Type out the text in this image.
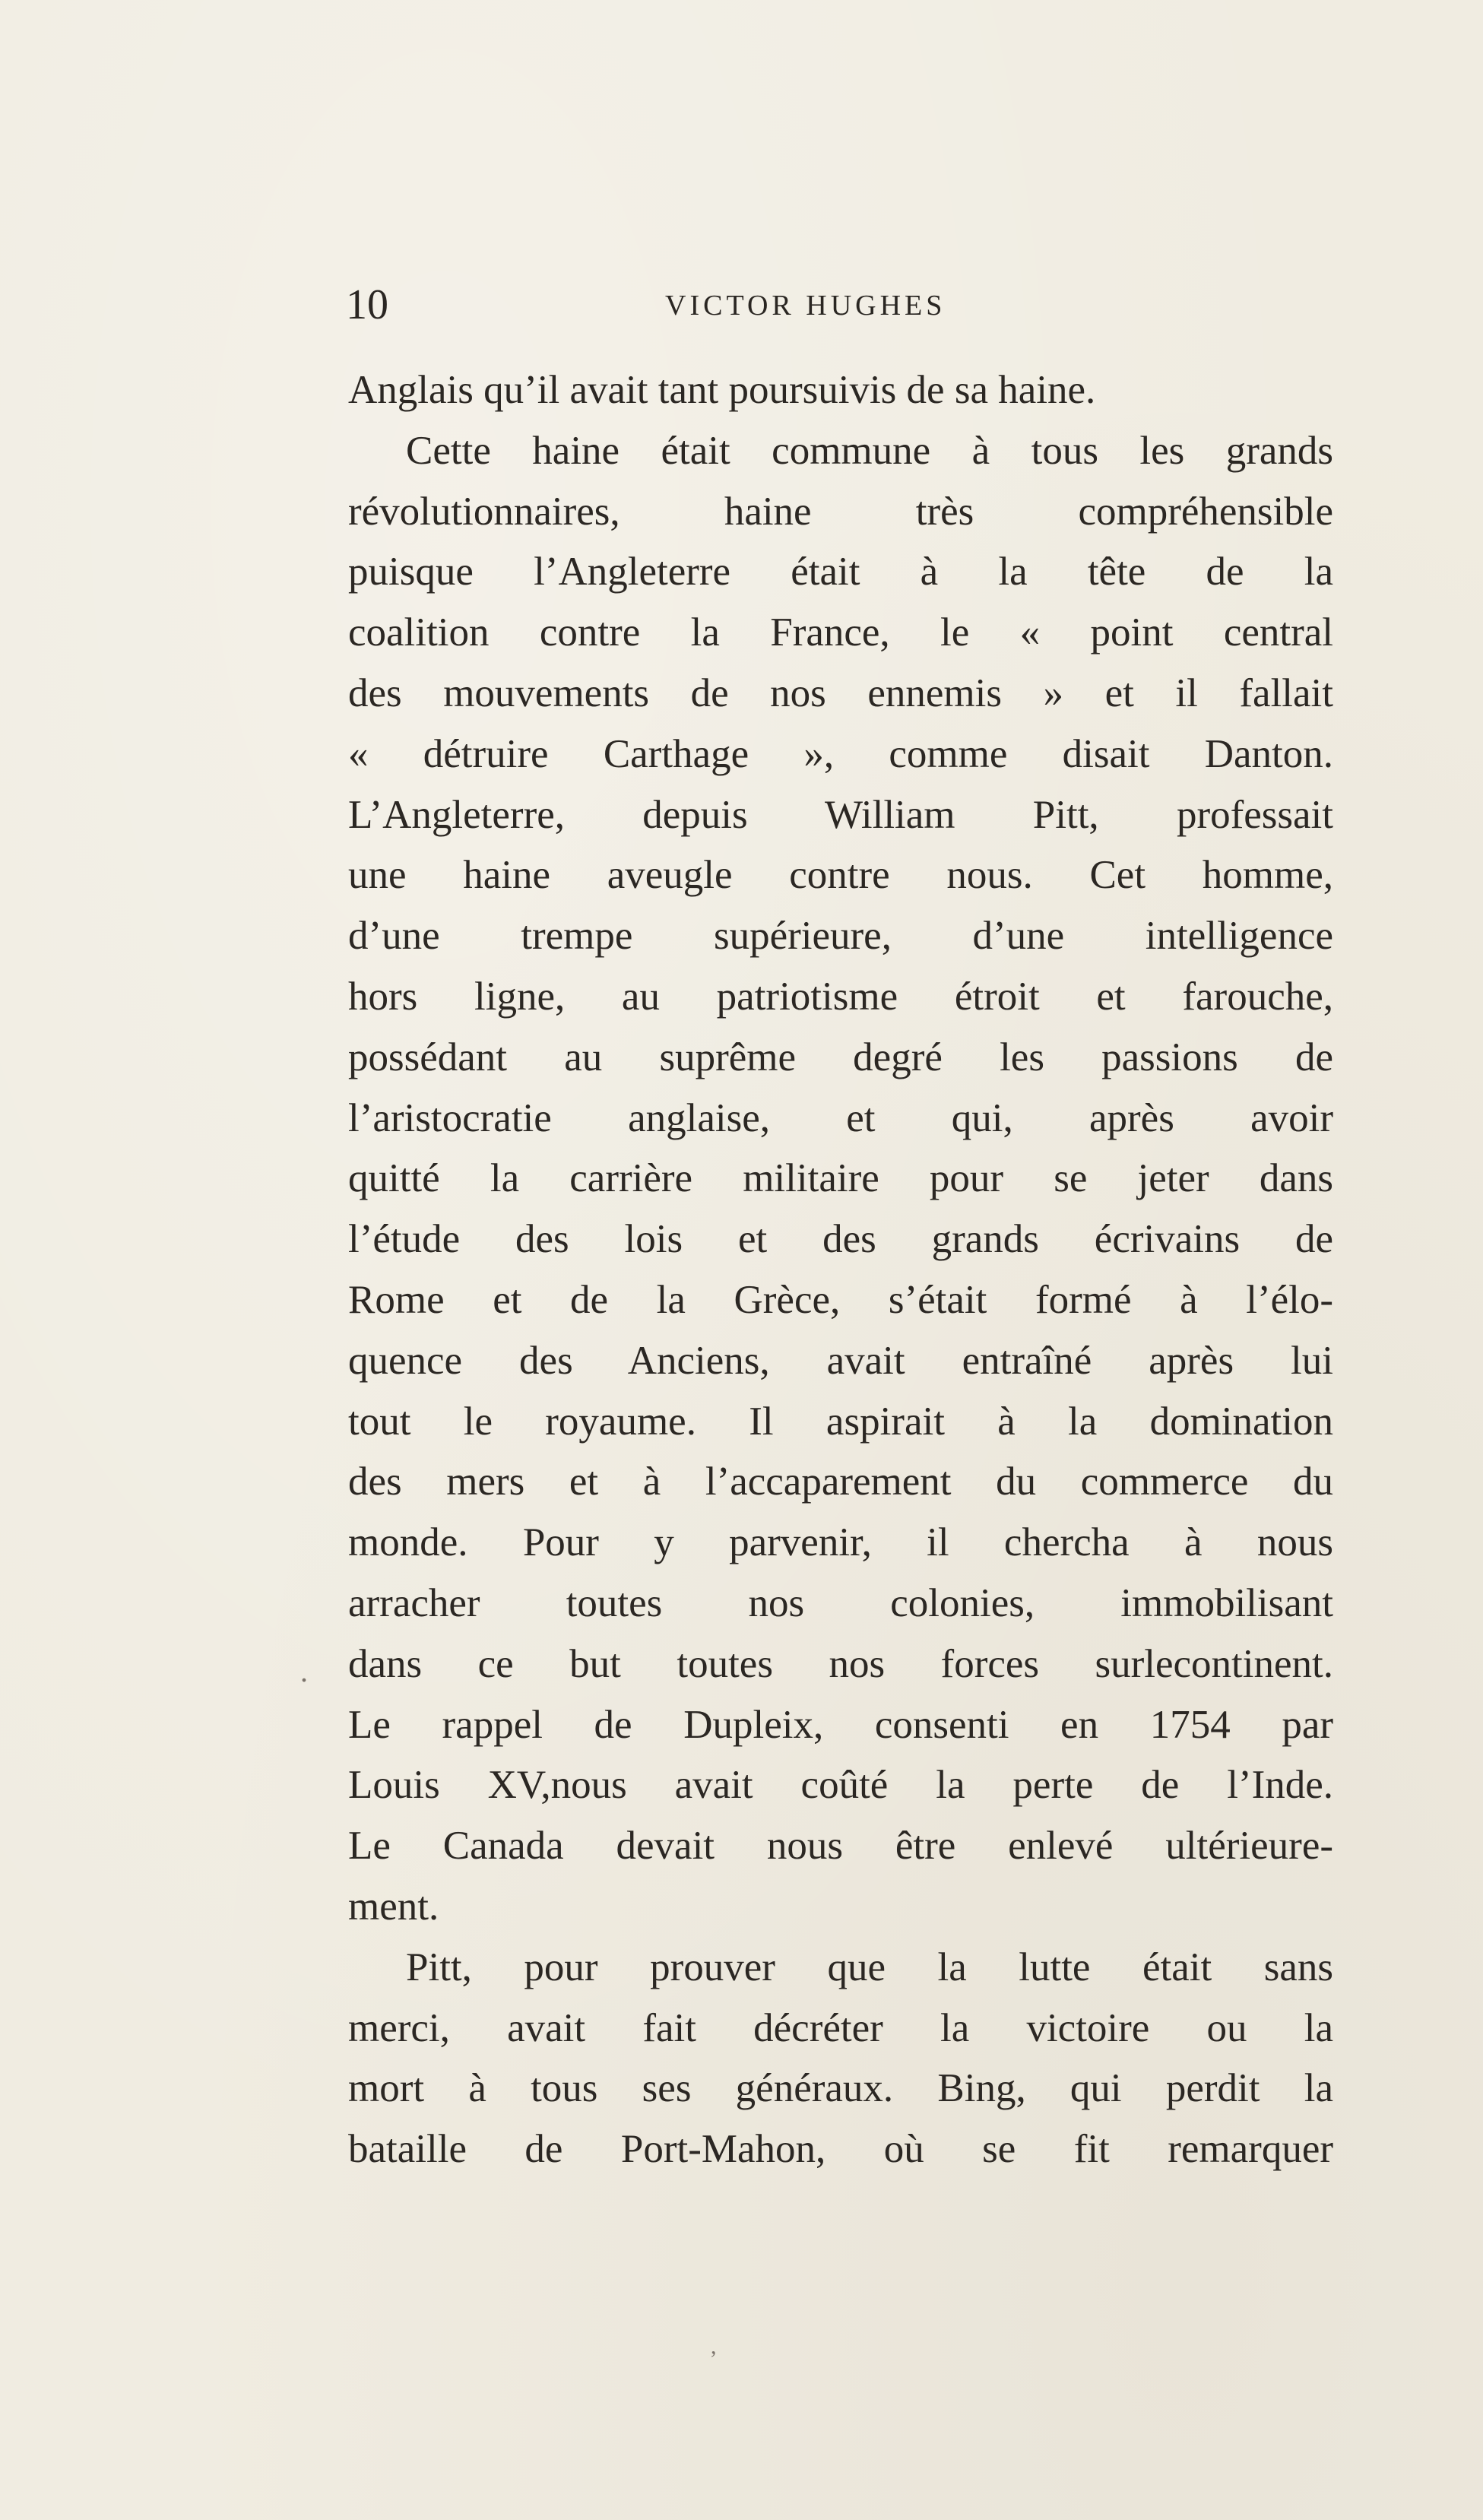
10	VICTOR HUGHES
Anglais qu’il avait tant poursuivis de sa haine.
Cette haine était commune à tous les grands
révolutionnaires, haine très compréhensible
puisque l’Angleterre était à la tête de la
coalition contre la France, le « point central
des mouvements de nos ennemis » et il fallait
« détruire Carthage », comme disait Danton.
L’Angleterre, depuis William Pitt, professait
une haine aveugle contre nous. Cet homme,
d’une trempe supérieure, d’une intelligence
hors ligne, au patriotisme étroit et farouche,
possédant au suprême degré les passions de
l’aristocratie anglaise, et qui, après avoir
quitté la carrière militaire pour se jeter dans
l’étude des lois et des grands écrivains de
Rome et de la Grèce, s’était formé à l’élo-
quence des Anciens, avait entraîné après lui
tout le royaume. Il aspirait à la domination
des mers et à l’accaparement du commerce du
monde. Pour y parvenir, il chercha à nous
arracher toutes nos colonies, immobilisant
dans ce but toutes nos forces surlecontinent.
Le rappel de Dupleix, consenti en 1754 par
Louis XV,nous avait coûté la perte de l’Inde.
Le Canada devait nous être enlevé ultérieure-
ment.
Pitt, pour prouver que la lutte était sans
merci, avait fait décréter la victoire ou la
mort à tous ses généraux. Bing, qui perdit la
bataille de Port-Mahon, où se fit remarquer
.
,
